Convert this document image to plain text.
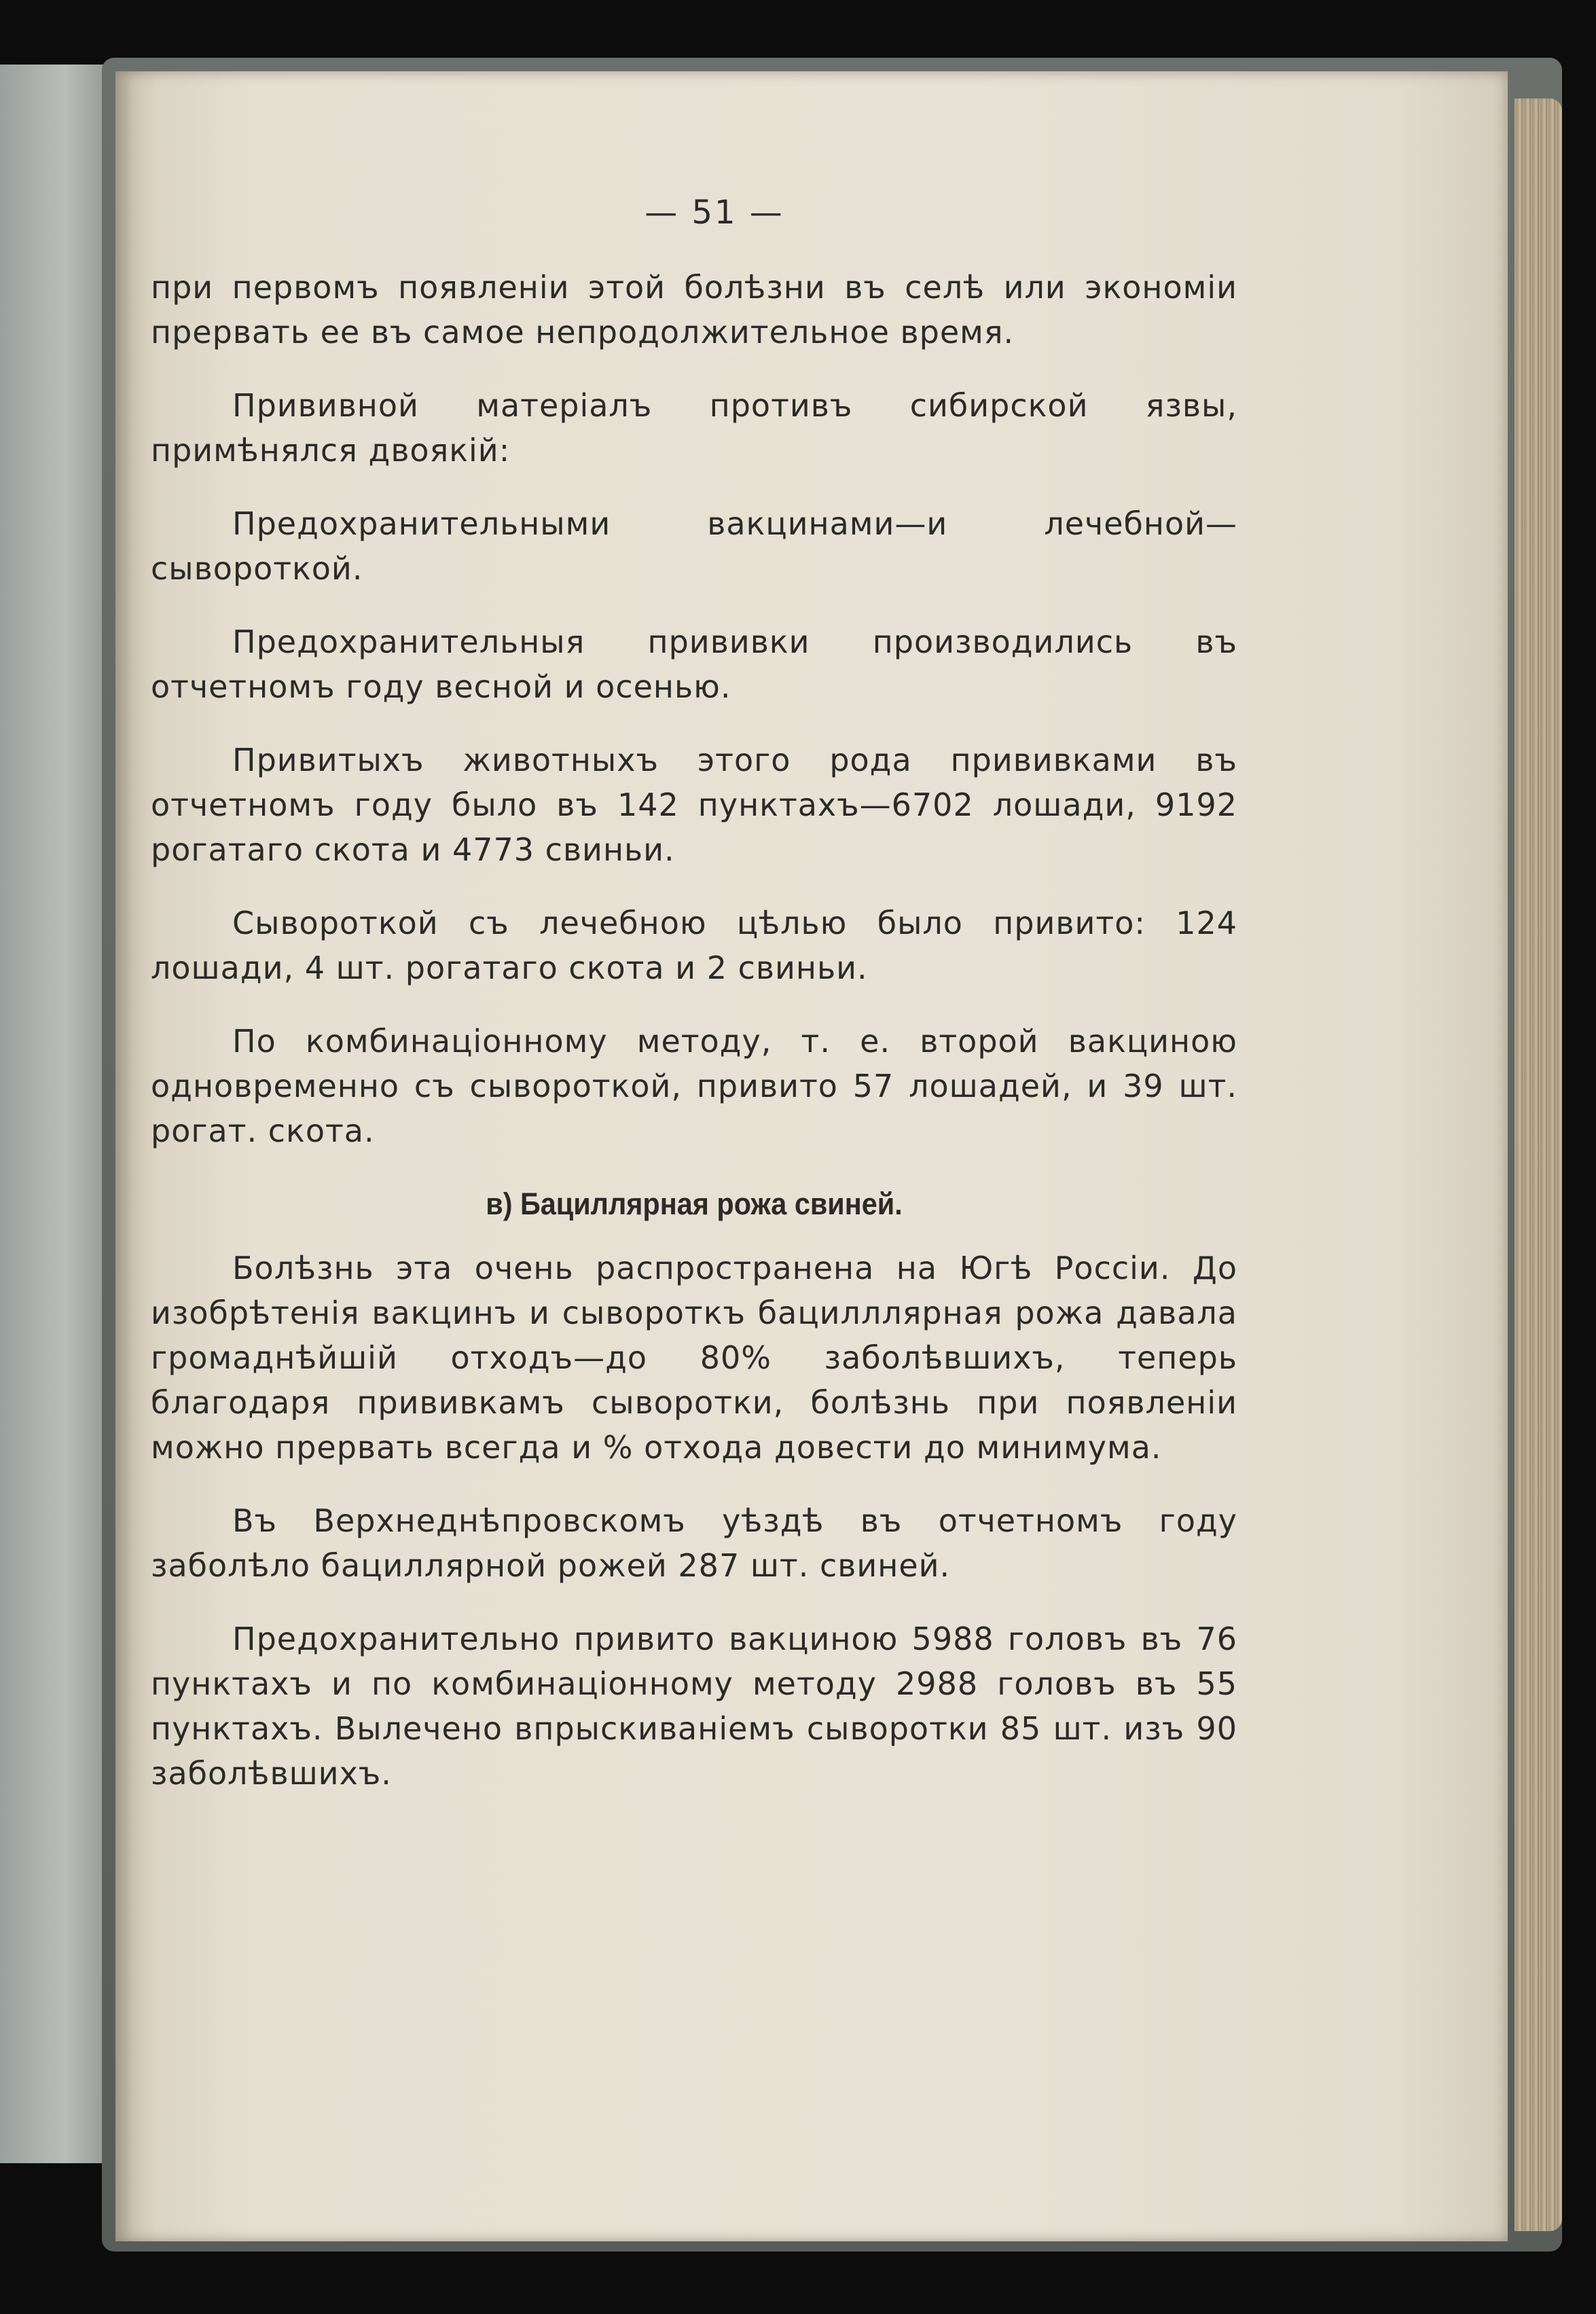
— 51 —

при первомъ появленіи этой болѣзни въ селѣ или экономіи прервать ее въ самое непродолжительное время.

Прививной матеріалъ противъ сибирской язвы, примѣнялся двоякій:

Предохранительными вакцинами—и лечебной—сывороткой.

Предохранительныя прививки производились въ отчетномъ году весной и осенью.

Привитыхъ животныхъ этого рода прививками въ отчетномъ году было въ 142 пунктахъ—6702 лошади, 9192 рогатаго скота и 4773 свиньи.

Сывороткой съ лечебною цѣлью было привито: 124 лошади, 4 шт. рогатаго скота и 2 свиньи.

По комбинаціонному методу, т. е. второй вакциною одновременно съ сывороткой, привито 57 лошадей, и 39 шт. рогат. скота.

в) Бациллярная рожа свиней.

Болѣзнь эта очень распространена на Югѣ Россіи. До изобрѣтенія вакцинъ и сывороткъ бацилллярная рожа давала громаднѣйшій отходъ—до 80% заболѣвшихъ, теперь благодаря прививкамъ сыворотки, болѣзнь при появленіи можно прервать всегда и % отхода довести до минимума.

Въ Верхнеднѣпровскомъ уѣздѣ въ отчетномъ году заболѣло бациллярной рожей 287 шт. свиней.

Предохранительно привито вакциною 5988 головъ въ 76 пунктахъ и по комбинаціонному методу 2988 головъ въ 55 пунктахъ. Вылечено впрыскиваніемъ сыворотки 85 шт. изъ 90 заболѣвшихъ.
